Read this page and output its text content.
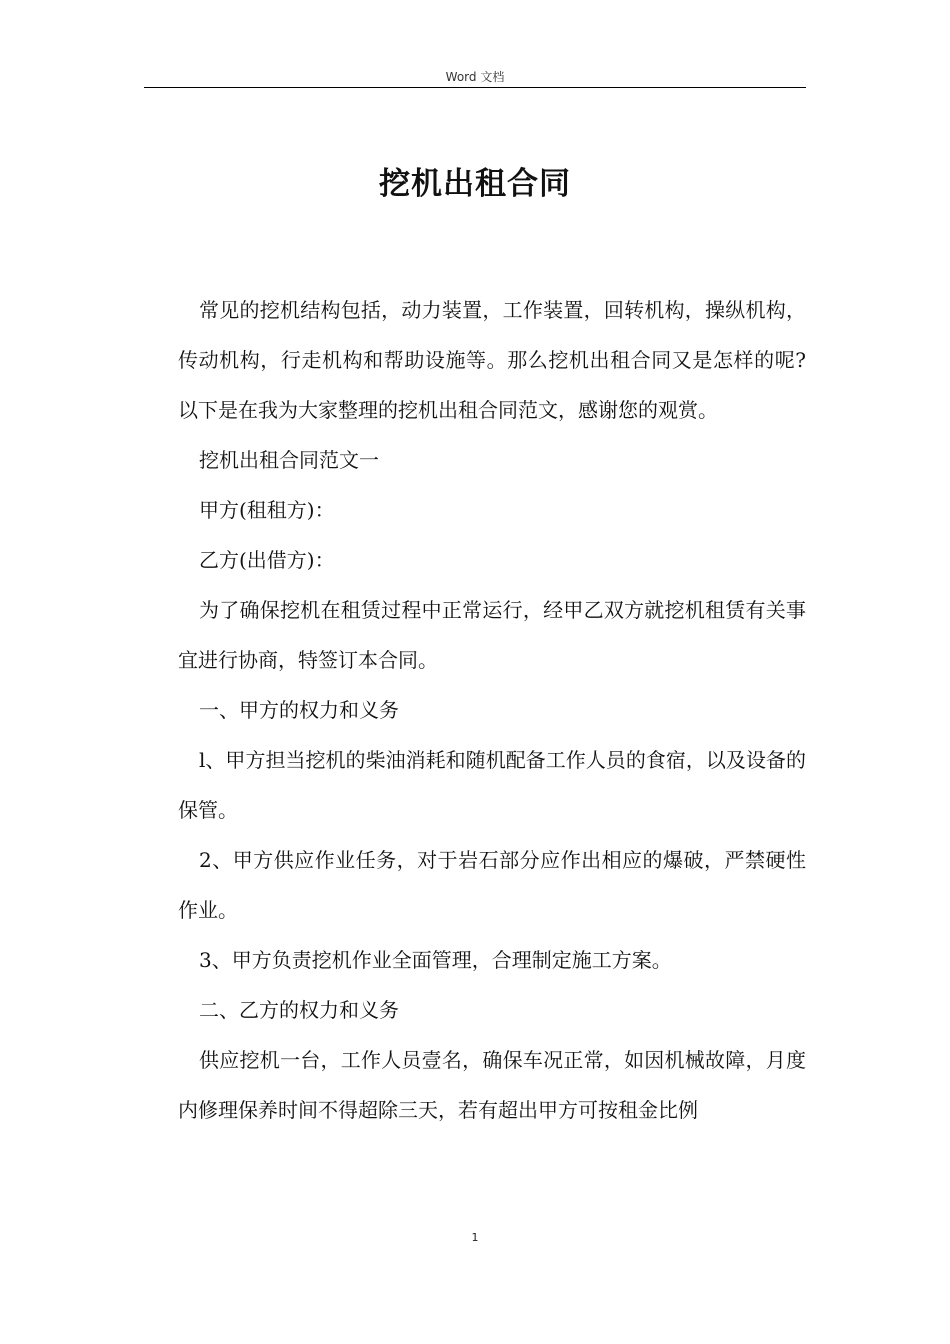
Word 文档
挖机出租合同

常见的挖机结构包括，动力装置，工作装置，回转机构，操纵机构，传动机构，行走机构和帮助设施等。那么挖机出租合同又是怎样的呢?以下是在我为大家整理的挖机出租合同范文，感谢您的观赏。

挖机出租合同范文一

甲方(租租方)：

乙方(出借方)：

为了确保挖机在租赁过程中正常运行，经甲乙双方就挖机租赁有关事宜进行协商，特签订本合同。

一、甲方的权力和义务

l、甲方担当挖机的柴油消耗和随机配备工作人员的食宿，以及设备的保管。

2、甲方供应作业任务，对于岩石部分应作出相应的爆破，严禁硬性作业。

3、甲方负责挖机作业全面管理，合理制定施工方案。

二、乙方的权力和义务

供应挖机一台，工作人员壹名，确保车况正常，如因机械故障，月度内修理保养时间不得超除三天，若有超出甲方可按租金比例

1
